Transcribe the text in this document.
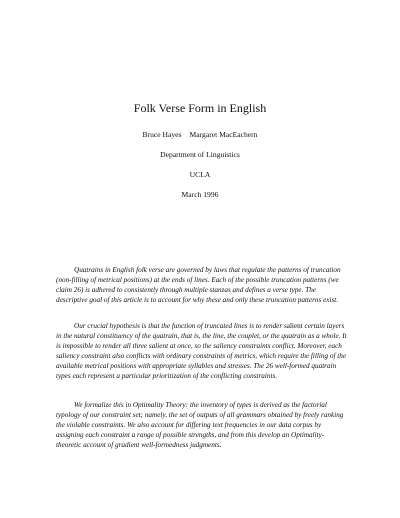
Folk Verse Form in English
Bruce Hayes Margaret MacEachern
Department of Linguistics
UCLA
March 1996

Quatrains in English folk verse are governed by laws that regulate the patterns of truncation (non-filling of metrical positions) at the ends of lines. Each of the possible truncation patterns (we claim 26) is adhered to consistently through multiple stanzas and defines a verse type. The descriptive goal of this article is to account for why these and only these truncation patterns exist.

Our crucial hypothesis is that the function of truncated lines is to render salient certain layers in the natural constituency of the quatrain, that is, the line, the couplet, or the quatrain as a whole. It is impossible to render all three salient at once, so the saliency constraints conflict. Moreover, each saliency constraint also conflicts with ordinary constraints of metrics, which require the filling of the available metrical positions with appropriate syllables and stresses. The 26 well-formed quatrain types each represent a particular prioritization of the conflicting constraints.

We formalize this in Optimality Theory: the inventory of types is derived as the factorial typology of our constraint set; namely, the set of outputs of all grammars obtained by freely ranking the violable constraints. We also account for differing text frequencies in our data corpus by assigning each constraint a range of possible strengths, and from this develop an Optimality-theoretic account of gradient well-formedness judgments.
